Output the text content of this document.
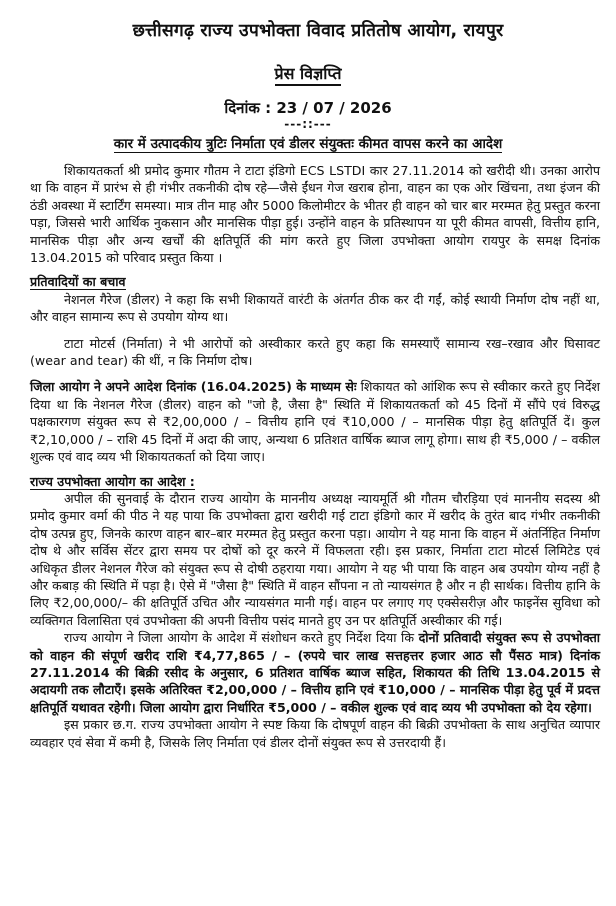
छत्तीसगढ़ राज्य उपभोक्ता विवाद प्रतितोष आयोग, रायपुर
प्रेस विज्ञप्ति
दिनांक : 23 / 07 / 2026
---::---
कार में उत्पादकीय त्रुटिः निर्माता एवं डीलर संयुक्तः कीमत वापस करने का आदेश

शिकायतकर्ता श्री प्रमोद कुमार गौतम ने टाटा इंडिगो ECS LSTDI कार 27.11.2014 को खरीदी थी। उनका आरोप था कि वाहन में प्रारंभ से ही गंभीर तकनीकी दोष रहे—जैसे ईंधन गेज खराब होना, वाहन का एक ओर खिंचना, तथा इंजन की ठंडी अवस्था में स्टार्टिंग समस्या। मात्र तीन माह और 5000 किलोमीटर के भीतर ही वाहन को चार बार मरम्मत हेतु प्रस्तुत करना पड़ा, जिससे भारी आर्थिक नुकसान और मानसिक पीड़ा हुई। उन्होंने वाहन के प्रतिस्थापन या पूरी कीमत वापसी, वित्तीय हानि, मानसिक पीड़ा और अन्य खर्चों की क्षतिपूर्ति की मांग करते हुए जिला उपभोक्ता आयोग रायपुर के समक्ष दिनांक 13.04.2015 को परिवाद प्रस्तुत किया ।

प्रतिवादियों का बचाव

नेशनल गैरेज (डीलर) ने कहा कि सभी शिकायतें वारंटी के अंतर्गत ठीक कर दी गईं, कोई स्थायी निर्माण दोष नहीं था, और वाहन सामान्य रूप से उपयोग योग्य था।

टाटा मोटर्स (निर्माता) ने भी आरोपों को अस्वीकार करते हुए कहा कि समस्याएँ सामान्य रख–रखाव और घिसावट (wear and tear) की थीं, न कि निर्माण दोष।

जिला आयोग ने अपने आदेश दिनांक (16.04.2025) के माध्यम सेः शिकायत को आंशिक रूप से स्वीकार करते हुए निर्देश दिया था कि नेशनल गैरेज (डीलर) वाहन को "जो है, जैसा है" स्थिति में शिकायतकर्ता को 45 दिनों में सौंपे एवं विरुद्ध पक्षकारगण संयुक्त रूप से ₹2,00,000 / – वित्तीय हानि एवं ₹10,000 / – मानसिक पीड़ा हेतु क्षतिपूर्ति दें। कुल ₹2,10,000 / – राशि 45 दिनों में अदा की जाए, अन्यथा 6 प्रतिशत वार्षिक ब्याज लागू होगा। साथ ही ₹5,000 / – वकील शुल्क एवं वाद व्यय भी शिकायतकर्ता को दिया जाए।

राज्य उपभोक्ता आयोग का आदेश :

अपील की सुनवाई के दौरान राज्य आयोग के माननीय अध्यक्ष न्यायमूर्ति श्री गौतम चौरड़िया एवं माननीय सदस्य श्री प्रमोद कुमार वर्मा की पीठ ने यह पाया कि उपभोक्ता द्वारा खरीदी गई टाटा इंडिगो कार में खरीद के तुरंत बाद गंभीर तकनीकी दोष उत्पन्न हुए, जिनके कारण वाहन बार–बार मरम्मत हेतु प्रस्तुत करना पड़ा। आयोग ने यह माना कि वाहन में अंतर्निहित निर्माण दोष थे और सर्विस सेंटर द्वारा समय पर दोषों को दूर करने में विफलता रही। इस प्रकार, निर्माता टाटा मोटर्स लिमिटेड एवं अधिकृत डीलर नेशनल गैरेज को संयुक्त रूप से दोषी ठहराया गया। आयोग ने यह भी पाया कि वाहन अब उपयोग योग्य नहीं है और कबाड़ की स्थिति में पड़ा है। ऐसे में "जैसा है" स्थिति में वाहन सौंपना न तो न्यायसंगत है और न ही सार्थक। वित्तीय हानि के लिए ₹2,00,000/– की क्षतिपूर्ति उचित और न्यायसंगत मानी गई। वाहन पर लगाए गए एक्सेसरीज़ और फाइनेंस सुविधा को व्यक्तिगत विलासिता एवं उपभोक्ता की अपनी वित्तीय पसंद मानते हुए उन पर क्षतिपूर्ति अस्वीकार की गई।

राज्य आयोग ने जिला आयोग के आदेश में संशोधन करते हुए निर्देश दिया कि दोनों प्रतिवादी संयुक्त रूप से उपभोक्ता को वाहन की संपूर्ण खरीद राशि ₹4,77,865 / – (रुपये चार लाख सत्तहत्तर हजार आठ सौ पैंसठ मात्र) दिनांक 27.11.2014 की बिक्री रसीद के अनुसार, 6 प्रतिशत वार्षिक ब्याज सहित, शिकायत की तिथि 13.04.2015 से अदायगी तक लौटाएँ। इसके अतिरिक्त ₹2,00,000 / – वित्तीय हानि एवं ₹10,000 / – मानसिक पीड़ा हेतु पूर्व में प्रदत्त क्षतिपूर्ति यथावत रहेगी। जिला आयोग द्वारा निर्धारित ₹5,000 / – वकील शुल्क एवं वाद व्यय भी उपभोक्ता को देय रहेगा।

इस प्रकार छ.ग. राज्य उपभोक्ता आयोग ने स्पष्ट किया कि दोषपूर्ण वाहन की बिक्री उपभोक्ता के साथ अनुचित व्यापार व्यवहार एवं सेवा में कमी है, जिसके लिए निर्माता एवं डीलर दोनों संयुक्त रूप से उत्तरदायी हैं।
